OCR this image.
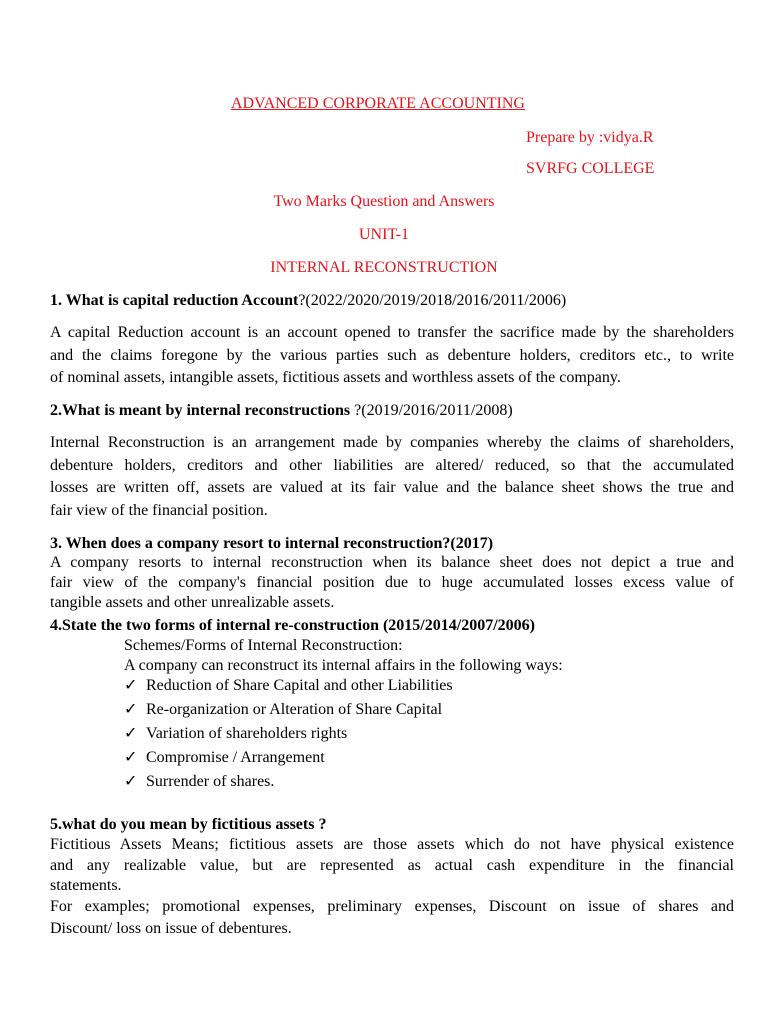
ADVANCED CORPORATE ACCOUNTING
Prepare by :vidya.R
SVRFG COLLEGE
Two Marks Question and Answers
UNIT-1
INTERNAL RECONSTRUCTION
1. What is capital reduction Account?(2022/2020/2019/2018/2016/2011/2006)
A capital Reduction account is an account opened to transfer the sacrifice made by the shareholders
and the claims foregone by the various parties such as debenture holders, creditors etc., to write
of nominal assets, intangible assets, fictitious assets and worthless assets of the company.
2.What is meant by internal reconstructions ?(2019/2016/2011/2008)
Internal Reconstruction is an arrangement made by companies whereby the claims of shareholders,
debenture holders, creditors and other liabilities are altered/ reduced, so that the accumulated
losses are written off, assets are valued at its fair value and the balance sheet shows the true and
fair view of the financial position.
3. When does a company resort to internal reconstruction?(2017)
A company resorts to internal reconstruction when its balance sheet does not depict a true and
fair view of the company's financial position due to huge accumulated losses excess value of
tangible assets and other unrealizable assets.
4.State the two forms of internal re-construction (2015/2014/2007/2006)
Schemes/Forms of Internal Reconstruction:
A company can reconstruct its internal affairs in the following ways:
✓ Reduction of Share Capital and other Liabilities
✓ Re-organization or Alteration of Share Capital
✓ Variation of shareholders rights
✓ Compromise / Arrangement
✓ Surrender of shares.
5.what do you mean by fictitious assets ?
Fictitious Assets Means; fictitious assets are those assets which do not have physical existence
and any realizable value, but are represented as actual cash expenditure in the financial
statements.
For examples; promotional expenses, preliminary expenses, Discount on issue of shares and
Discount/ loss on issue of debentures.
